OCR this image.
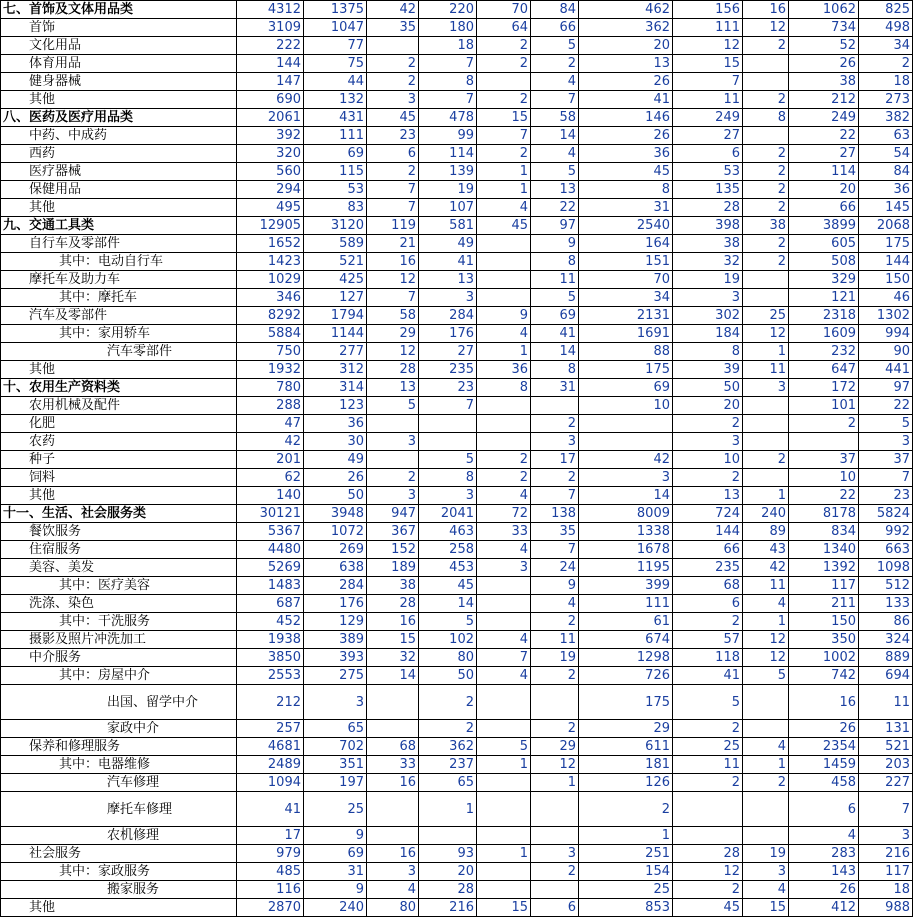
七、首饰及文体用品类	4312	1375	42	220	70	84	462	156	16	1062	825
首饰	3109	1047	35	180	64	66	362	111	12	734	498
文化用品	222	77		18	2	5	20	12	2	52	34
体育用品	144	75	2	7	2	2	13	15		26	2
健身器械	147	44	2	8		4	26	7		38	18
其他	690	132	3	7	2	7	41	11	2	212	273
八、医药及医疗用品类	2061	431	45	478	15	58	146	249	8	249	382
中药、中成药	392	111	23	99	7	14	26	27		22	63
西药	320	69	6	114	2	4	36	6	2	27	54
医疗器械	560	115	2	139	1	5	45	53	2	114	84
保健用品	294	53	7	19	1	13	8	135	2	20	36
其他	495	83	7	107	4	22	31	28	2	66	145
九、交通工具类	12905	3120	119	581	45	97	2540	398	38	3899	2068
自行车及零部件	1652	589	21	49		9	164	38	2	605	175
其中：电动自行车	1423	521	16	41		8	151	32	2	508	144
摩托车及助力车	1029	425	12	13		11	70	19		329	150
其中：摩托车	346	127	7	3		5	34	3		121	46
汽车及零部件	8292	1794	58	284	9	69	2131	302	25	2318	1302
其中：家用轿车	5884	1144	29	176	4	41	1691	184	12	1609	994
汽车零部件	750	277	12	27	1	14	88	8	1	232	90
其他	1932	312	28	235	36	8	175	39	11	647	441
十、农用生产资料类	780	314	13	23	8	31	69	50	3	172	97
农用机械及配件	288	123	5	7			10	20		101	22
化肥	47	36				2		2		2	5
农药	42	30	3			3		3			3
种子	201	49		5	2	17	42	10	2	37	37
饲料	62	26	2	8	2	2	3	2		10	7
其他	140	50	3	3	4	7	14	13	1	22	23
十一、生活、社会服务类	30121	3948	947	2041	72	138	8009	724	240	8178	5824
餐饮服务	5367	1072	367	463	33	35	1338	144	89	834	992
住宿服务	4480	269	152	258	4	7	1678	66	43	1340	663
美容、美发	5269	638	189	453	3	24	1195	235	42	1392	1098
其中：医疗美容	1483	284	38	45		9	399	68	11	117	512
洗涤、染色	687	176	28	14		4	111	6	4	211	133
其中：干洗服务	452	129	16	5		2	61	2	1	150	86
摄影及照片冲洗加工	1938	389	15	102	4	11	674	57	12	350	324
中介服务	3850	393	32	80	7	19	1298	118	12	1002	889
其中：房屋中介	2553	275	14	50	4	2	726	41	5	742	694
出国、留学中介	212	3		2			175	5		16	11
家政中介	257	65		2		2	29	2		26	131
保养和修理服务	4681	702	68	362	5	29	611	25	4	2354	521
其中：电器维修	2489	351	33	237	1	12	181	11	1	1459	203
汽车修理	1094	197	16	65		1	126	2	2	458	227
摩托车修理	41	25		1			2			6	7
农机修理	17	9					1			4	3
社会服务	979	69	16	93	1	3	251	28	19	283	216
其中：家政服务	485	31	3	20		2	154	12	3	143	117
搬家服务	116	9	4	28			25	2	4	26	18
其他	2870	240	80	216	15	6	853	45	15	412	988
